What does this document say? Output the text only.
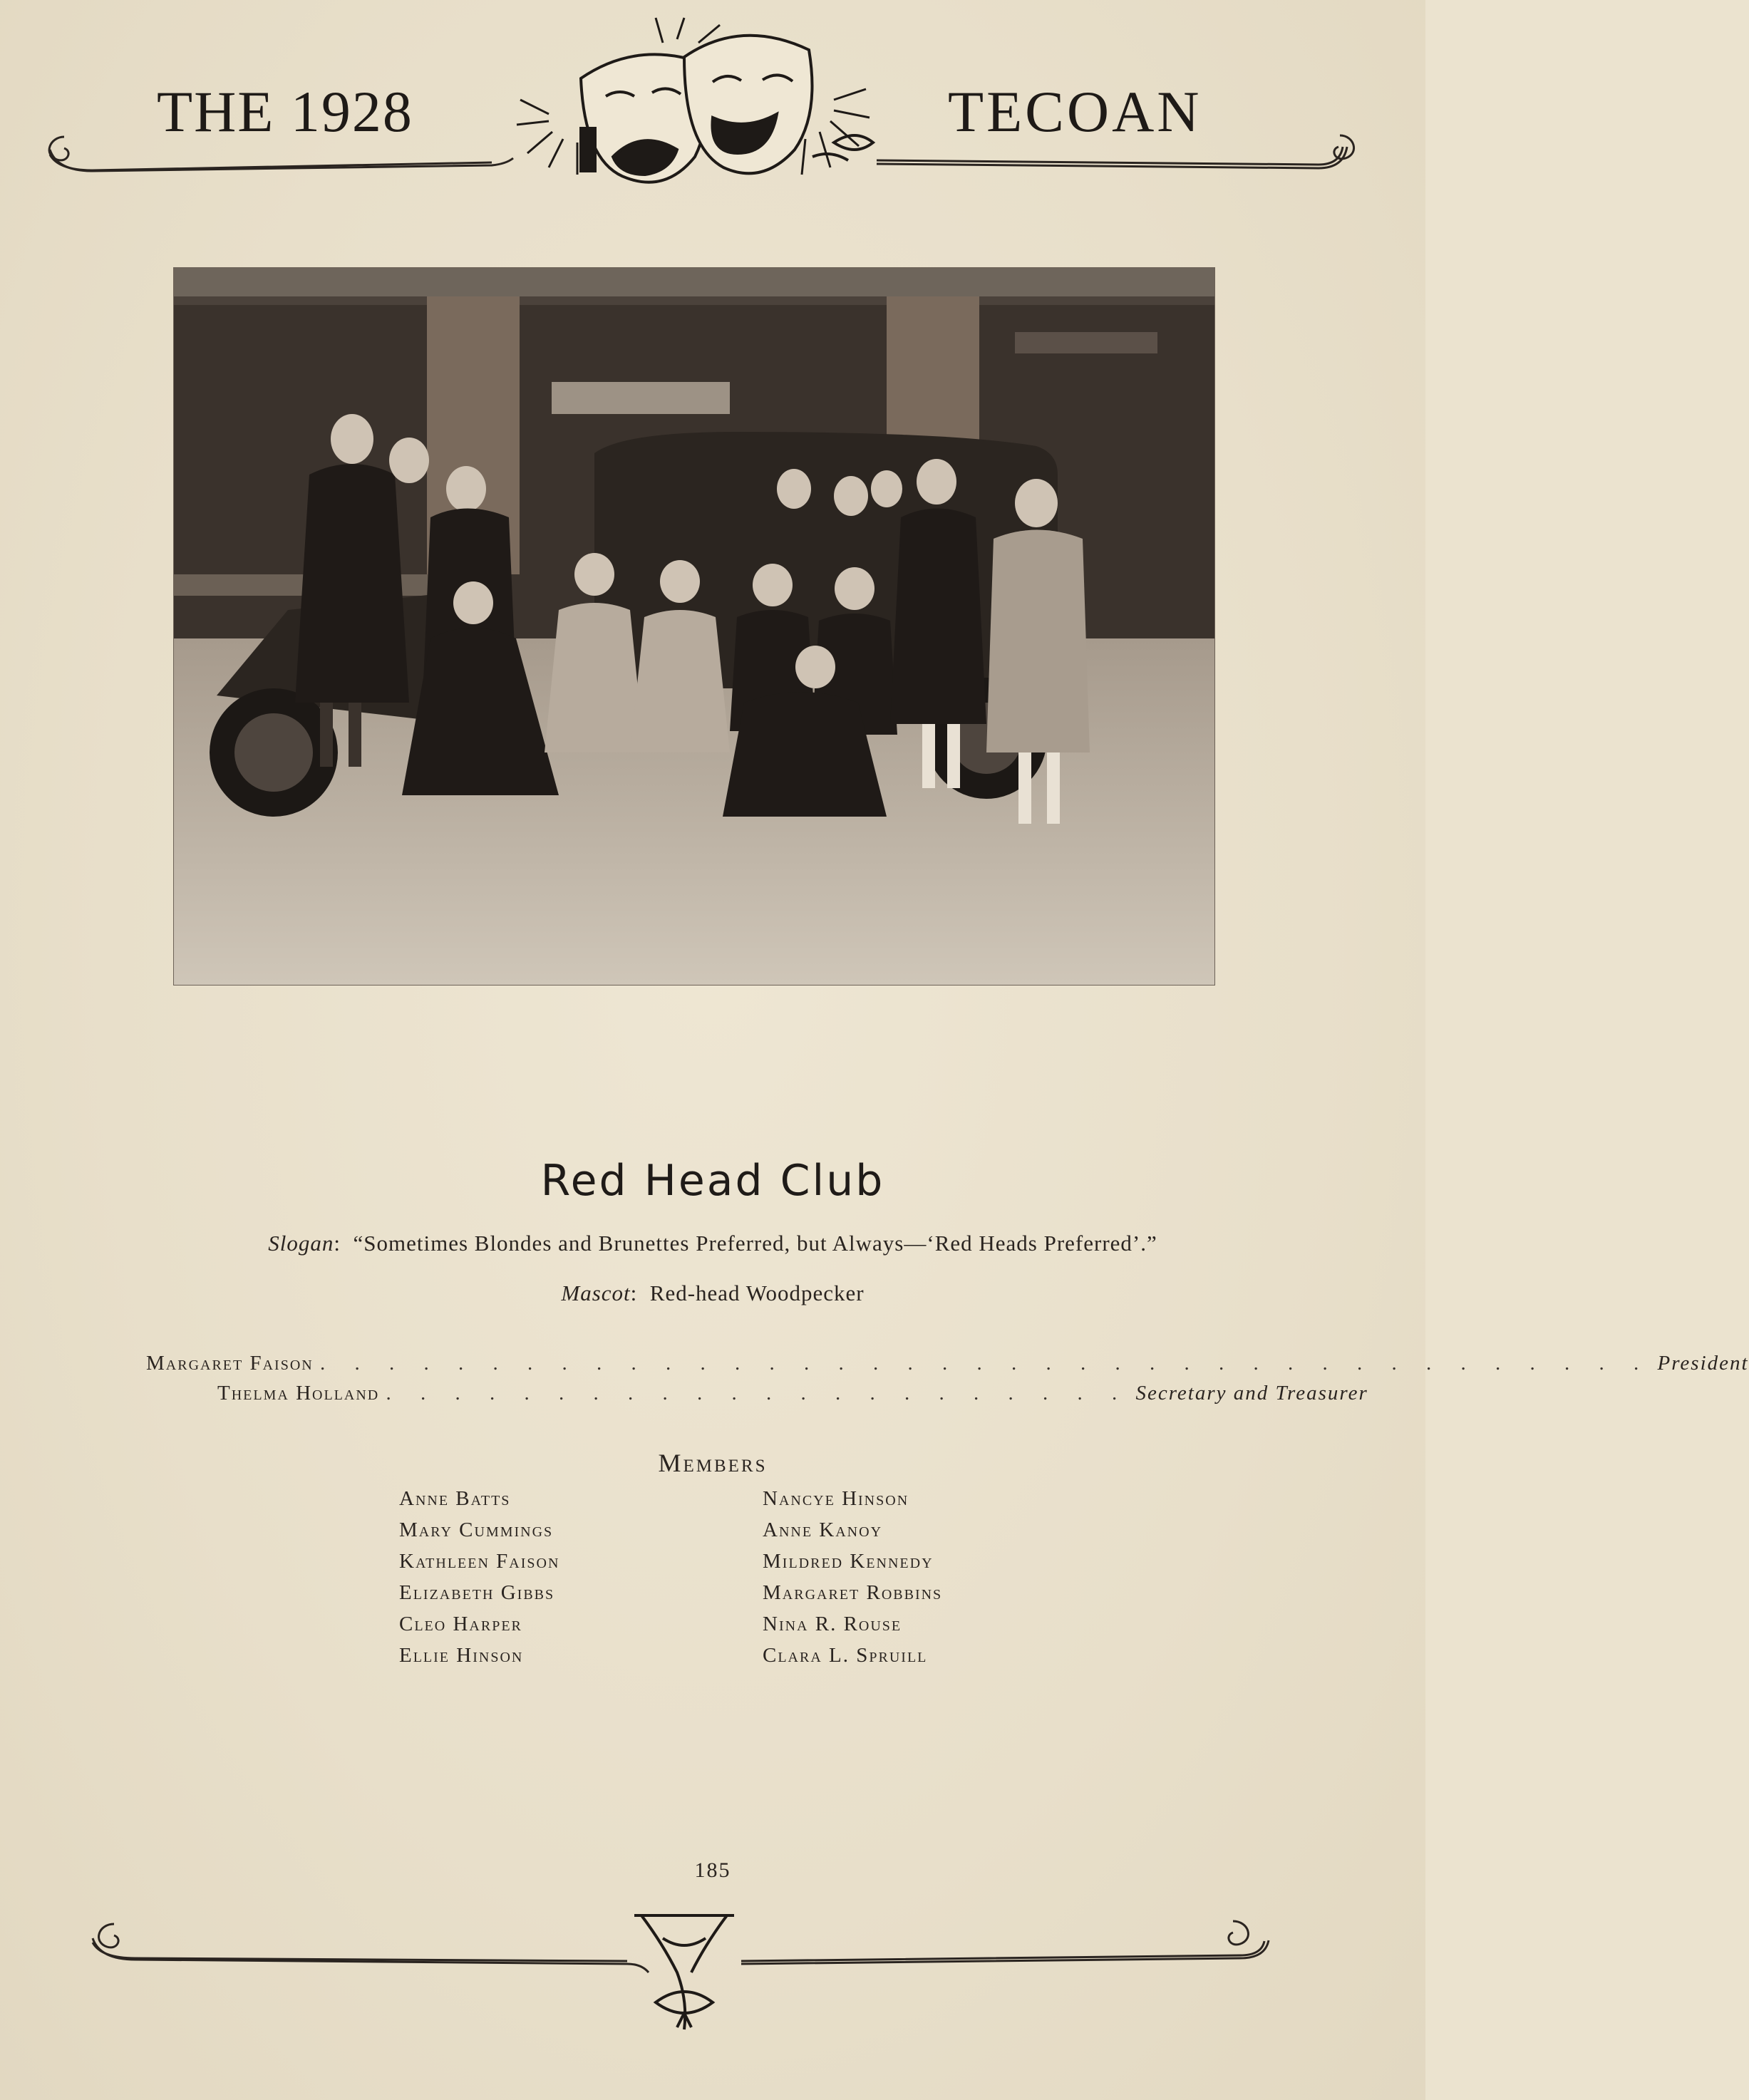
THE 1928	TECOAN
Red Head Club
Slogan:  “Sometimes Blondes and Brunettes Preferred, but Always—‘Red Heads Preferred’.”
Mascot:  Red-head Woodpecker
Margaret Faison . . . . . . . . . . . . . . . . . . . . . . . . . . . . . . . . . . . . . . . President
Thelma Holland . . . . . . . . . . . . . . . . . . . . . . Secretary and Treasurer
Members
Anne Batts
Mary Cummings
Kathleen Faison
Elizabeth Gibbs
Cleo Harper
Ellie Hinson
Nancye Hinson
Anne Kanoy
Mildred Kennedy
Margaret Robbins
Nina R. Rouse
Clara L. Spruill
185
